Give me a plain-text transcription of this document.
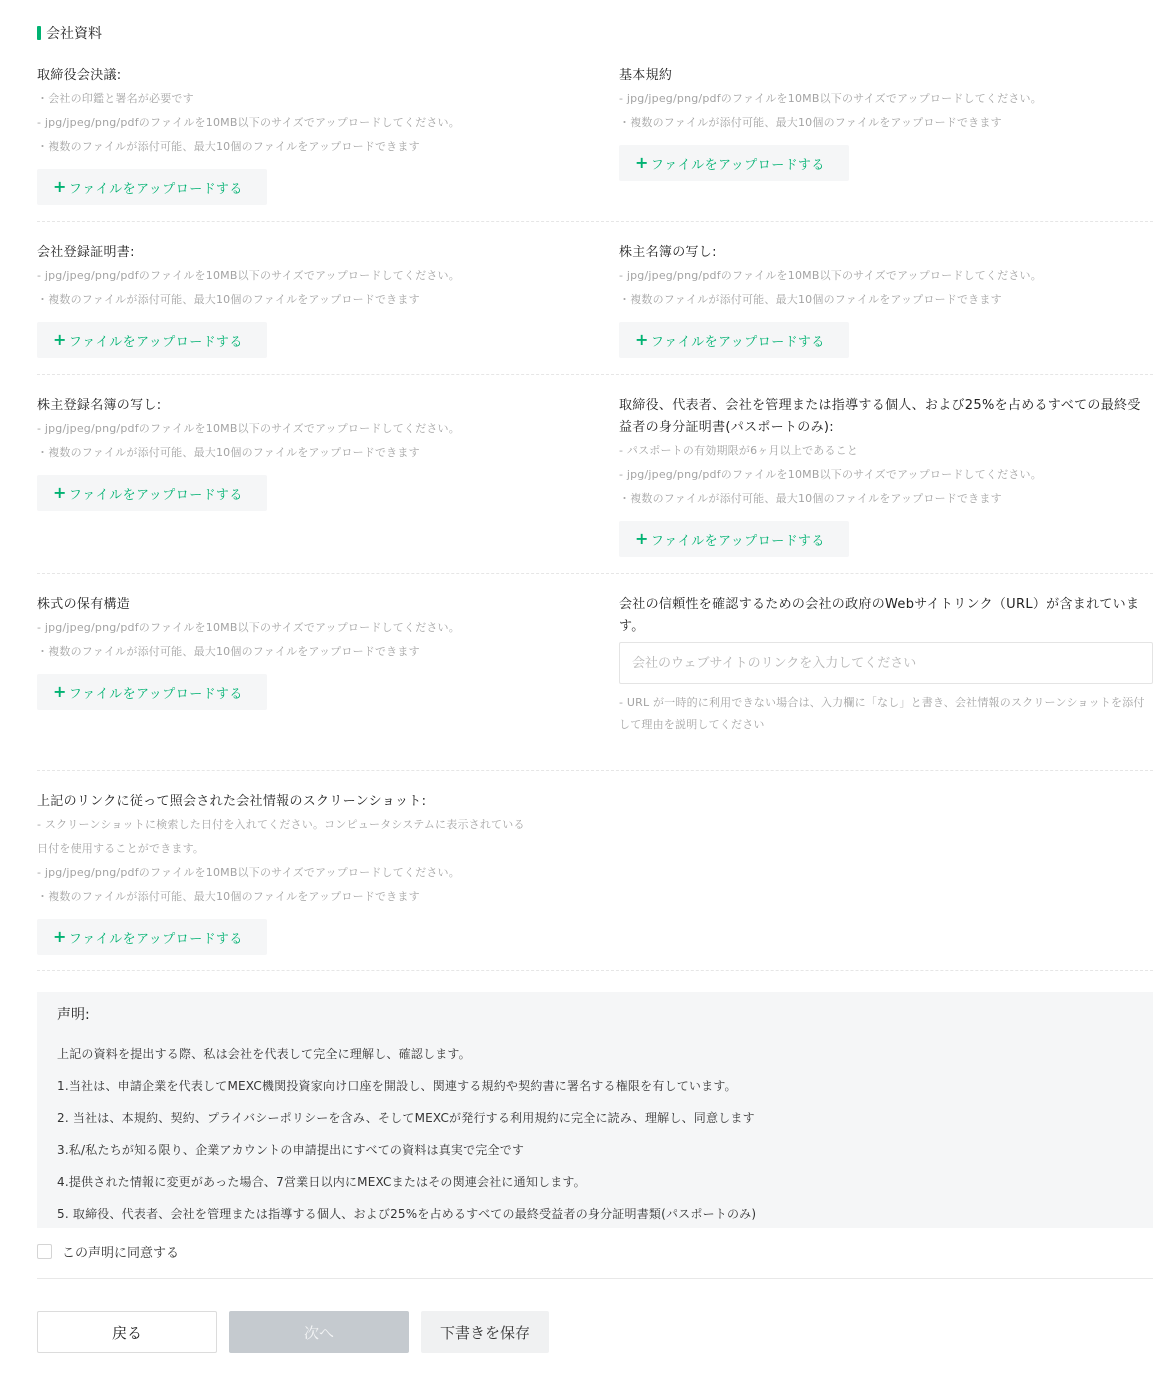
会社資料
取締役会決議:
・会社の印鑑と署名が必要です
- jpg/jpeg/png/pdfのファイルを10MB以下のサイズでアップロードしてください。
・複数のファイルが添付可能、最大10個のファイルをアップロードできます
+ ファイルをアップロードする
基本規約
- jpg/jpeg/png/pdfのファイルを10MB以下のサイズでアップロードしてください。
・複数のファイルが添付可能、最大10個のファイルをアップロードできます
+ ファイルをアップロードする
会社登録証明書:
- jpg/jpeg/png/pdfのファイルを10MB以下のサイズでアップロードしてください。
・複数のファイルが添付可能、最大10個のファイルをアップロードできます
+ ファイルをアップロードする
株主名簿の写し:
- jpg/jpeg/png/pdfのファイルを10MB以下のサイズでアップロードしてください。
・複数のファイルが添付可能、最大10個のファイルをアップロードできます
+ ファイルをアップロードする
株主登録名簿の写し:
- jpg/jpeg/png/pdfのファイルを10MB以下のサイズでアップロードしてください。
・複数のファイルが添付可能、最大10個のファイルをアップロードできます
+ ファイルをアップロードする
取締役、代表者、会社を管理または指導する個人、および25%を占めるすべての最終受益者の身分証明書(パスポートのみ):
- パスポートの有効期限が6ヶ月以上であること
- jpg/jpeg/png/pdfのファイルを10MB以下のサイズでアップロードしてください。
・複数のファイルが添付可能、最大10個のファイルをアップロードできます
+ ファイルをアップロードする
株式の保有構造
- jpg/jpeg/png/pdfのファイルを10MB以下のサイズでアップロードしてください。
・複数のファイルが添付可能、最大10個のファイルをアップロードできます
+ ファイルをアップロードする
会社の信頼性を確認するための会社の政府のWebサイトリンク（URL）が含まれています。
会社のウェブサイトのリンクを入力してください
- URL が一時的に利用できない場合は、入力欄に「なし」と書き、会社情報のスクリーンショットを添付して理由を説明してください
上記のリンクに従って照会された会社情報のスクリーンショット:
- スクリーンショットに検索した日付を入れてください。コンピュータシステムに表示されている
日付を使用することができます。
- jpg/jpeg/png/pdfのファイルを10MB以下のサイズでアップロードしてください。
・複数のファイルが添付可能、最大10個のファイルをアップロードできます
+ ファイルをアップロードする
声明:
上記の資料を提出する際、私は会社を代表して完全に理解し、確認します。
1.当社は、申請企業を代表してMEXC機関投資家向け口座を開設し、関連する規約や契約書に署名する権限を有しています。
2. 当社は、本規約、契約、プライバシーポリシーを含み、そしてMEXCが発行する利用規約に完全に読み、理解し、同意します
3.私/私たちが知る限り、企業アカウントの申請提出にすべての資料は真実で完全です
4.提供された情報に変更があった場合、7営業日以内にMEXCまたはその関連会社に通知します。
5. 取締役、代表者、会社を管理または指導する個人、および25%を占めるすべての最終受益者の身分証明書類(パスポートのみ)
この声明に同意する
戻る	次へ	下書きを保存
